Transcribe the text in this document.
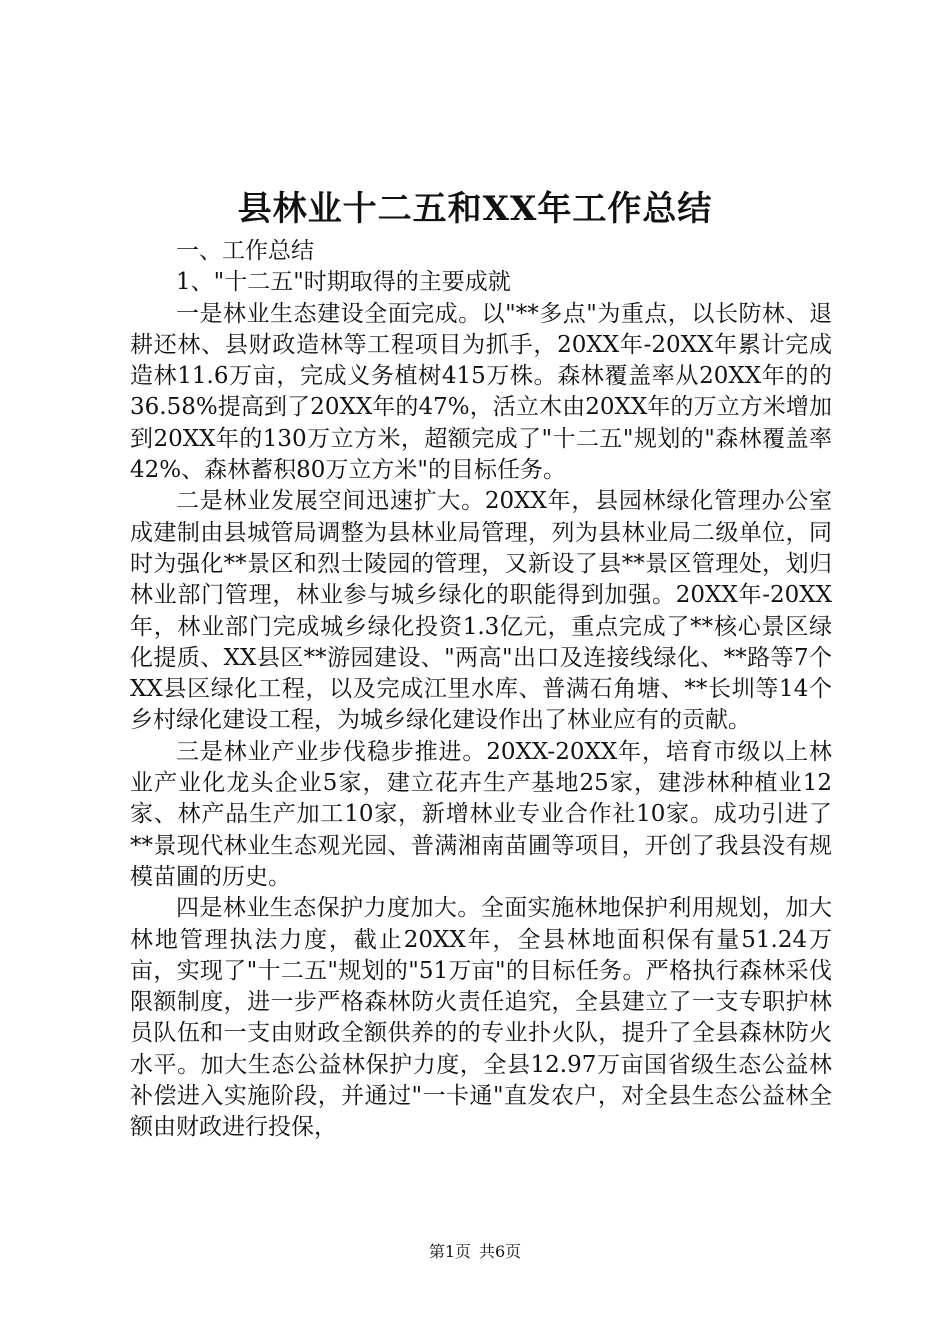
县林业十二五和XX年工作总结

一、工作总结

1、"十二五"时期取得的主要成就

一是林业生态建设全面完成。以"**多点"为重点，以长防林、退耕还林、县财政造林等工程项目为抓手，20XX年-20XX年累计完成造林11.6万亩，完成义务植树415万株。森林覆盖率从20XX年的的36.58%提高到了20XX年的47%，活立木由20XX年的万立方米增加到20XX年的130万立方米，超额完成了"十二五"规划的"森林覆盖率42%、森林蓄积80万立方米"的目标任务。

二是林业发展空间迅速扩大。20XX年，县园林绿化管理办公室成建制由县城管局调整为县林业局管理，列为县林业局二级单位，同时为强化**景区和烈士陵园的管理，又新设了县**景区管理处，划归林业部门管理，林业参与城乡绿化的职能得到加强。20XX年-20XX年，林业部门完成城乡绿化投资1.3亿元，重点完成了**核心景区绿化提质、XX县区**游园建设、"两高"出口及连接线绿化、**路等7个XX县区绿化工程，以及完成江里水库、普满石角塘、**长圳等14个乡村绿化建设工程，为城乡绿化建设作出了林业应有的贡献。

三是林业产业步伐稳步推进。20XX-20XX年，培育市级以上林业产业化龙头企业5家，建立花卉生产基地25家，建涉林种植业12家、林产品生产加工10家，新增林业专业合作社10家。成功引进了**景现代林业生态观光园、普满湘南苗圃等项目，开创了我县没有规模苗圃的历史。

四是林业生态保护力度加大。全面实施林地保护利用规划，加大林地管理执法力度，截止20XX年，全县林地面积保有量51.24万亩，实现了"十二五"规划的"51万亩"的目标任务。严格执行森林采伐限额制度，进一步严格森林防火责任追究，全县建立了一支专职护林员队伍和一支由财政全额供养的的专业扑火队，提升了全县森林防火水平。加大生态公益林保护力度，全县12.97万亩国省级生态公益林补偿进入实施阶段，并通过"一卡通"直发农户，对全县生态公益林全额由财政进行投保，

第1页 共6页
